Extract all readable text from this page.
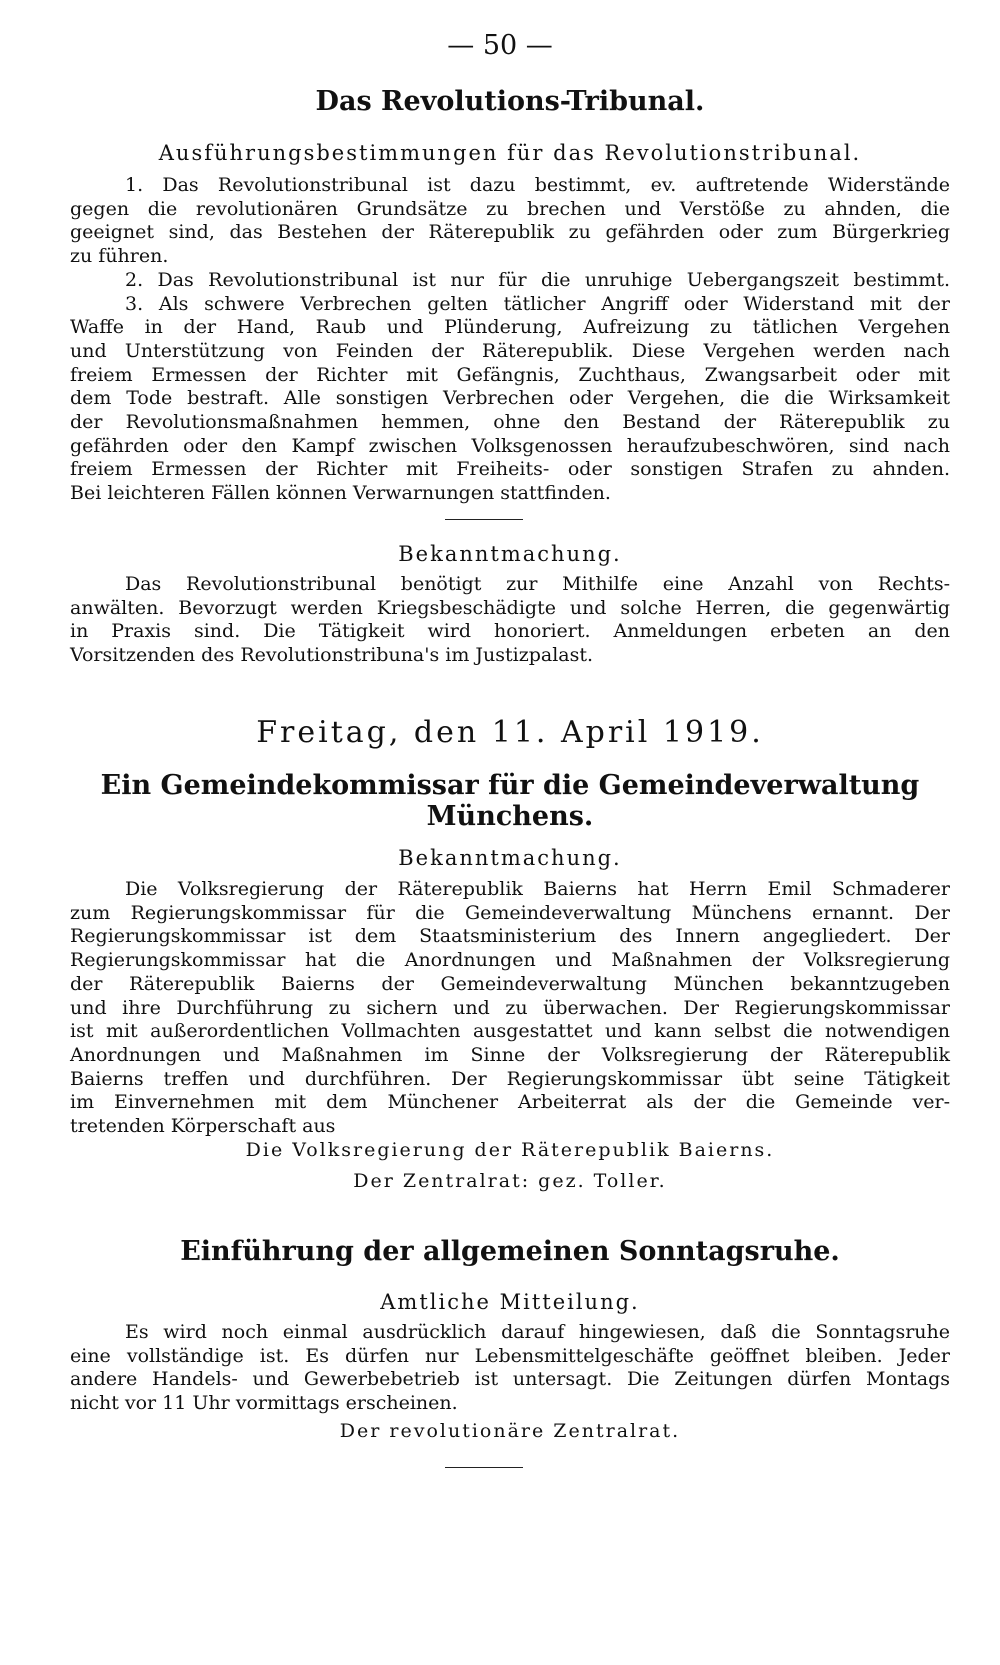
— 50 —
Das Revolutions-Tribunal.

Ausführungsbestimmungen für das Revolutionstribunal.

1. Das Revolutionstribunal ist dazu bestimmt, ev. auftretende Widerstände

gegen die revolutionären Grundsätze zu brechen und Verstöße zu ahnden, die

geeignet sind, das Bestehen der Räterepublik zu gefährden oder zum Bürgerkrieg

zu führen.

2. Das Revolutionstribunal ist nur für die unruhige Uebergangszeit bestimmt.

3. Als schwere Verbrechen gelten tätlicher Angriff oder Widerstand mit der

Waffe in der Hand, Raub und Plünderung, Aufreizung zu tätlichen Vergehen

und Unterstützung von Feinden der Räterepublik. Diese Vergehen werden nach

freiem Ermessen der Richter mit Gefängnis, Zuchthaus, Zwangsarbeit oder mit

dem Tode bestraft. Alle sonstigen Verbrechen oder Vergehen, die die Wirksamkeit

der Revolutionsmaßnahmen hemmen, ohne den Bestand der Räterepublik zu

gefährden oder den Kampf zwischen Volksgenossen heraufzubeschwören, sind nach

freiem Ermessen der Richter mit Freiheits- oder sonstigen Strafen zu ahnden.

Bei leichteren Fällen können Verwarnungen stattfinden.

Bekanntmachung.

Das Revolutionstribunal benötigt zur Mithilfe eine Anzahl von Rechts-

anwälten. Bevorzugt werden Kriegsbeschädigte und solche Herren, die gegenwärtig

in Praxis sind. Die Tätigkeit wird honoriert. Anmeldungen erbeten an den

Vorsitzenden des Revolutionstribuna's im Justizpalast.

Freitag, den 11. April 1919.

Ein Gemeindekommissar für die Gemeindeverwaltung
Münchens.

Bekanntmachung.

Die Volksregierung der Räterepublik Baierns hat Herrn Emil Schmaderer

zum Regierungskommissar für die Gemeindeverwaltung Münchens ernannt. Der

Regierungskommissar ist dem Staatsministerium des Innern angegliedert. Der

Regierungskommissar hat die Anordnungen und Maßnahmen der Volksregierung

der Räterepublik Baierns der Gemeindeverwaltung München bekanntzugeben

und ihre Durchführung zu sichern und zu überwachen. Der Regierungskommissar

ist mit außerordentlichen Vollmachten ausgestattet und kann selbst die notwendigen

Anordnungen und Maßnahmen im Sinne der Volksregierung der Räterepublik

Baierns treffen und durchführen. Der Regierungskommissar übt seine Tätigkeit

im Einvernehmen mit dem Münchener Arbeiterrat als der die Gemeinde ver-

tretenden Körperschaft aus

Die Volksregierung der Räterepublik Baierns.

Der Zentralrat: gez. Toller.

Einführung der allgemeinen Sonntagsruhe.

Amtliche Mitteilung.

Es wird noch einmal ausdrücklich darauf hingewiesen, daß die Sonntagsruhe

eine vollständige ist. Es dürfen nur Lebensmittelgeschäfte geöffnet bleiben. Jeder

andere Handels- und Gewerbebetrieb ist untersagt. Die Zeitungen dürfen Montags

nicht vor 11 Uhr vormittags erscheinen.

Der revolutionäre Zentralrat.
